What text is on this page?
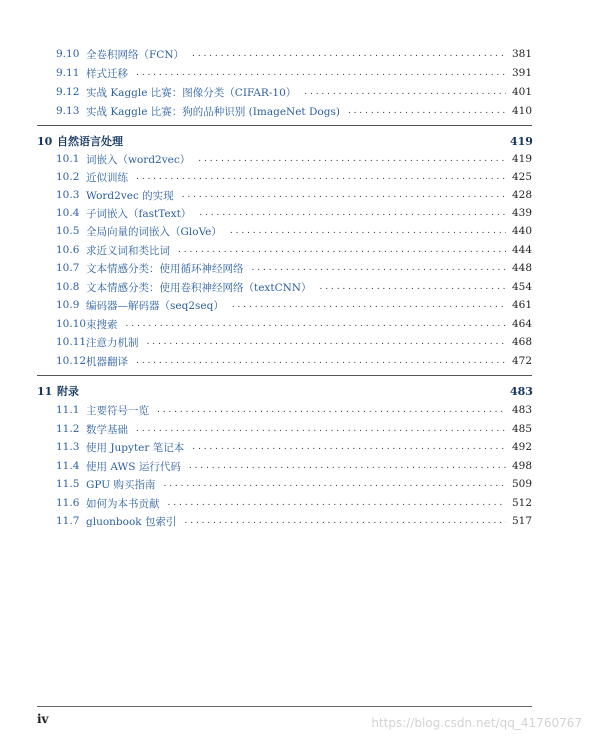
9.10 全卷积网络（FCN） . . .	381
9.11 样式迁移 . . .	391
9.12 实战 Kaggle 比赛：图像分类（CIFAR-10） . . .	401
9.13 实战 Kaggle 比赛：狗的品种识别 (ImageNet Dogs) . . .	410
10 自然语言处理	419
10.1 词嵌入（word2vec） . . .	419
10.2 近似训练 . . .	425
10.3 Word2vec 的实现 . . .	428
10.4 子词嵌入（fastText） . . .	439
10.5 全局向量的词嵌入（GloVe） . . .	440
10.6 求近义词和类比词 . . .	444
10.7 文本情感分类：使用循环神经网络 . . .	448
10.8 文本情感分类：使用卷积神经网络（textCNN） . . .	454
10.9 编码器—解码器（seq2seq） . . .	461
10.10 束搜索 . . .	464
10.11 注意力机制 . . .	468
10.12 机器翻译 . . .	472
11 附录	483
11.1 主要符号一览 . . .	483
11.2 数学基础 . . .	485
11.3 使用 Jupyter 笔记本 . . .	492
11.4 使用 AWS 运行代码 . . .	498
11.5 GPU 购买指南 . . .	509
11.6 如何为本书贡献 . . .	512
11.7 gluonbook 包索引 . . .	517
iv	https://blog.csdn.net/qq_41760767
